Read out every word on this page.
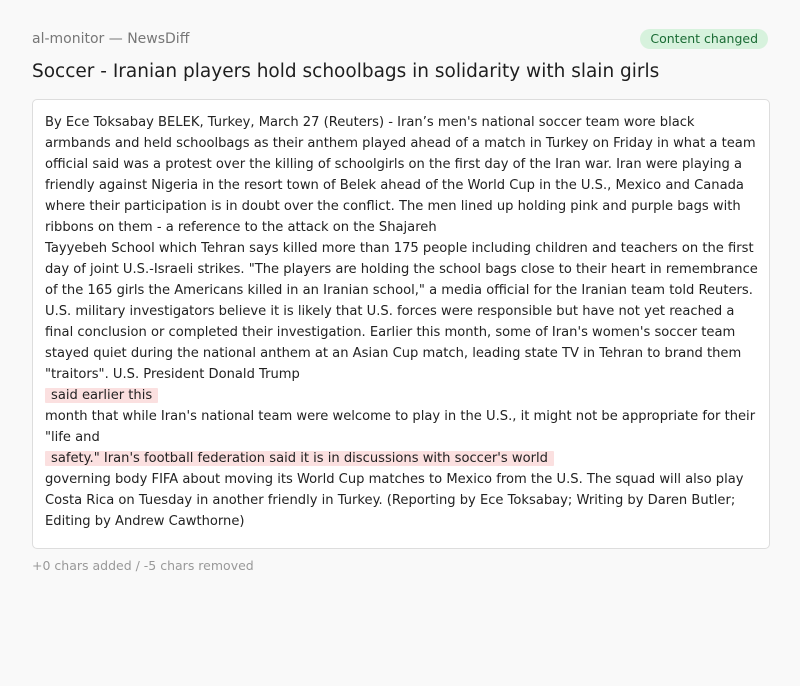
al-monitor — NewsDiff	Content changed
Soccer - Iranian players hold schoolbags in solidarity with slain girls
By Ece Toksabay BELEK, Turkey, March 27 (Reuters) - Iran’s men's national soccer team wore black
armbands and held schoolbags as their anthem played ahead of a match in Turkey on Friday in what a team
official said was a protest over the killing of schoolgirls on the first day of the Iran war. Iran were playing a
friendly against Nigeria in the resort town of Belek ahead of the World Cup in the U.S., Mexico and Canada
where their participation is in doubt over the conflict. The men lined up holding pink and purple bags with
ribbons on them - a reference to the attack on the Shajareh
Tayyebeh School which Tehran says killed more than 175 people including children and teachers on the first
day of joint U.S.-Israeli strikes. "The players are holding the school bags close to their heart in remembrance
of the 165 girls the Americans killed in an Iranian school," a media official for the Iranian team told Reuters.
U.S. military investigators believe it is likely that U.S. forces were responsible but have not yet reached a
final conclusion or completed their investigation. Earlier this month, some of Iran's women's soccer team
stayed quiet during the national anthem at an Asian Cup match, leading state TV in Tehran to brand them
"traitors". U.S. President Donald Trump
said earlier this
month that while Iran's national team were welcome to play in the U.S., it might not be appropriate for their
"life and
safety." Iran's football federation said it is in discussions with soccer's world
governing body FIFA about moving its World Cup matches to Mexico from the U.S. The squad will also play
Costa Rica on Tuesday in another friendly in Turkey. (Reporting by Ece Toksabay; Writing by Daren Butler;
Editing by Andrew Cawthorne)
+0 chars added / -5 chars removed
